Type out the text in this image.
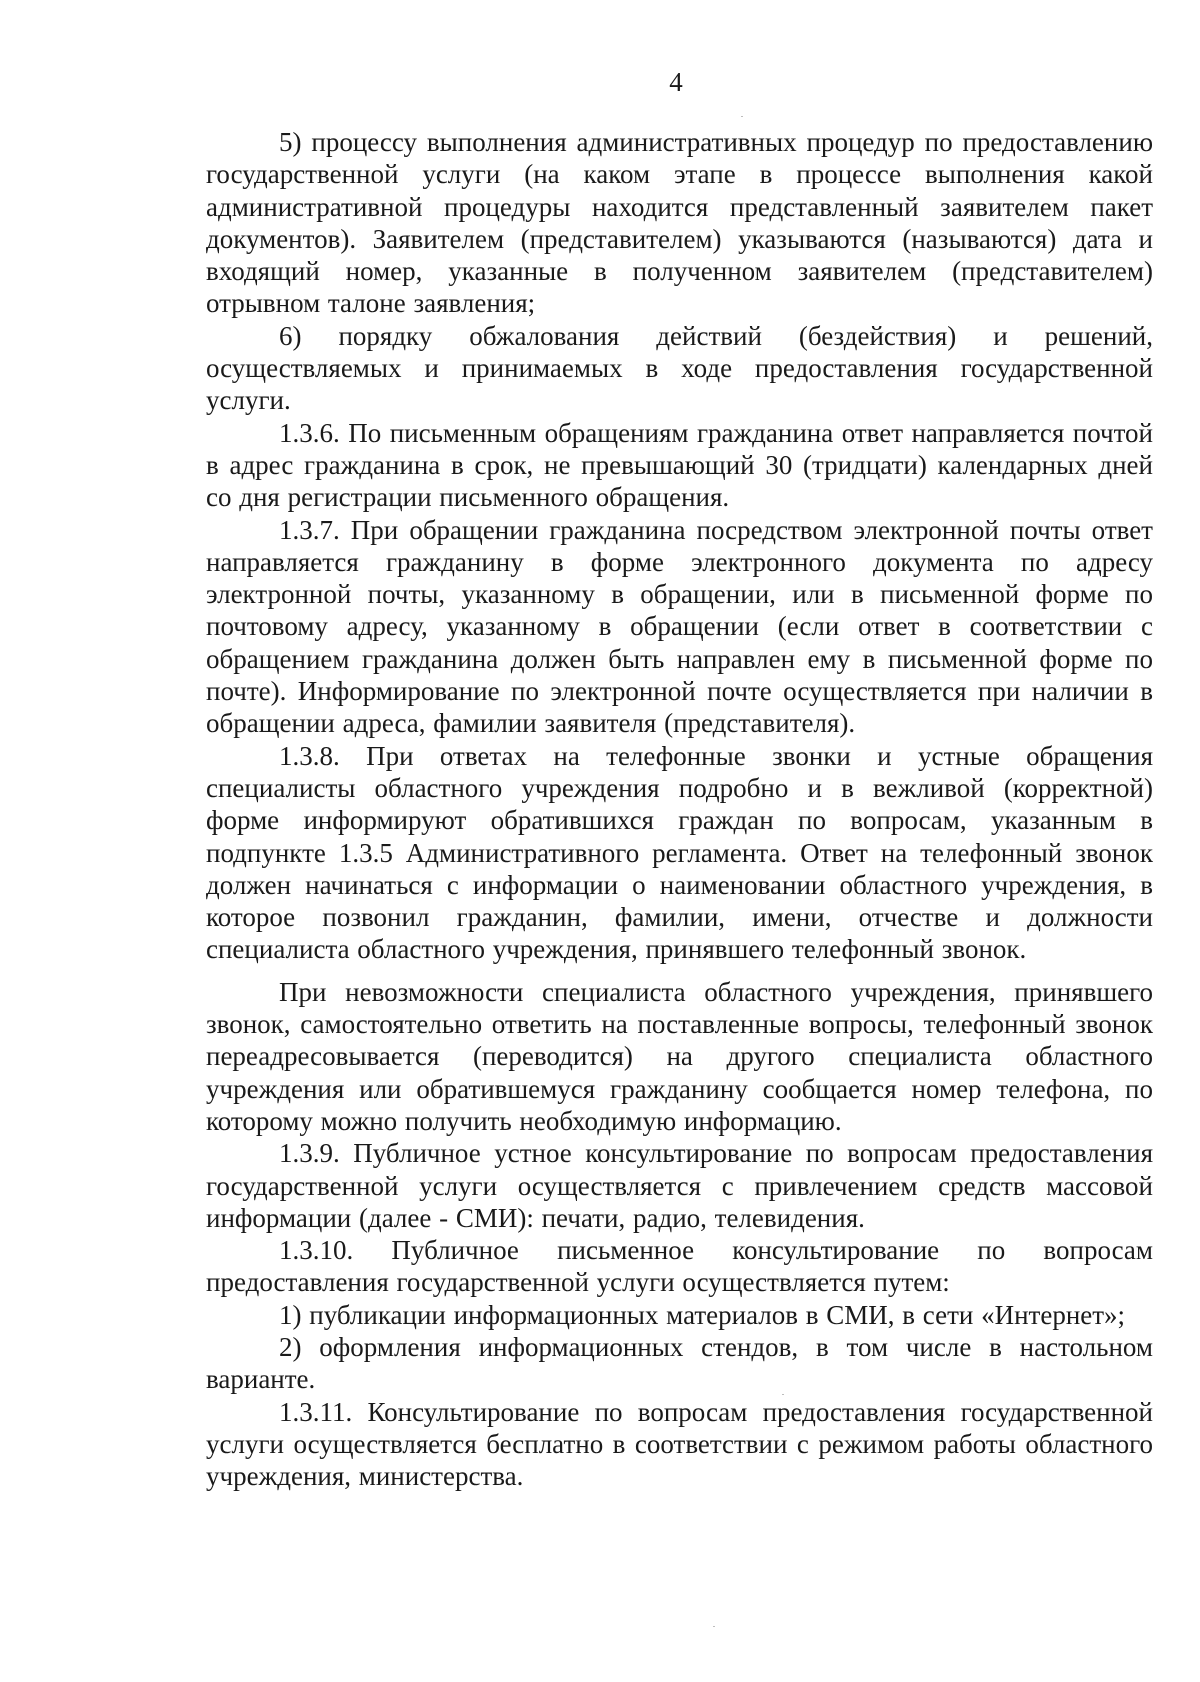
4

5) процессу выполнения административных процедур по предоставлению государственной услуги (на каком этапе в процессе выполнения какой административной процедуры находится представленный заявителем пакет документов). Заявителем (представителем) указываются (называются) дата и входящий номер, указанные в полученном заявителем (представителем) отрывном талоне заявления;

6) порядку обжалования действий (бездействия) и решений, осуществляемых и принимаемых в ходе предоставления государственной услуги.

1.3.6. По письменным обращениям гражданина ответ направляется почтой в адрес гражданина в срок, не превышающий 30 (тридцати) календарных дней со дня регистрации письменного обращения.

1.3.7. При обращении гражданина посредством электронной почты ответ направляется гражданину в форме электронного документа по адресу электронной почты, указанному в обращении, или в письменной форме по почтовому адресу, указанному в обращении (если ответ в соответствии с обращением гражданина должен быть направлен ему в письменной форме по почте). Информирование по электронной почте осуществляется при наличии в обращении адреса, фамилии заявителя (представителя).

1.3.8. При ответах на телефонные звонки и устные обращения специалисты областного учреждения подробно и в вежливой (корректной) форме информируют обратившихся граждан по вопросам, указанным в подпункте 1.3.5 Административного регламента. Ответ на телефонный звонок должен начинаться с информации о наименовании областного учреждения, в которое позвонил гражданин, фамилии, имени, отчестве и должности специалиста областного учреждения, принявшего телефонный звонок.

При невозможности специалиста областного учреждения, принявшего звонок, самостоятельно ответить на поставленные вопросы, телефонный звонок переадресовывается (переводится) на другого специалиста областного учреждения или обратившемуся гражданину сообщается номер телефона, по которому можно получить необходимую информацию.

1.3.9. Публичное устное консультирование по вопросам предоставления государственной услуги осуществляется с привлечением средств массовой информации (далее - СМИ): печати, радио, телевидения.

1.3.10. Публичное письменное консультирование по вопросам предоставления государственной услуги осуществляется путем:

1) публикации информационных материалов в СМИ, в сети «Интернет»;

2) оформления информационных стендов, в том числе в настольном варианте.

1.3.11. Консультирование по вопросам предоставления государственной услуги осуществляется бесплатно в соответствии с режимом работы областного учреждения, министерства.
